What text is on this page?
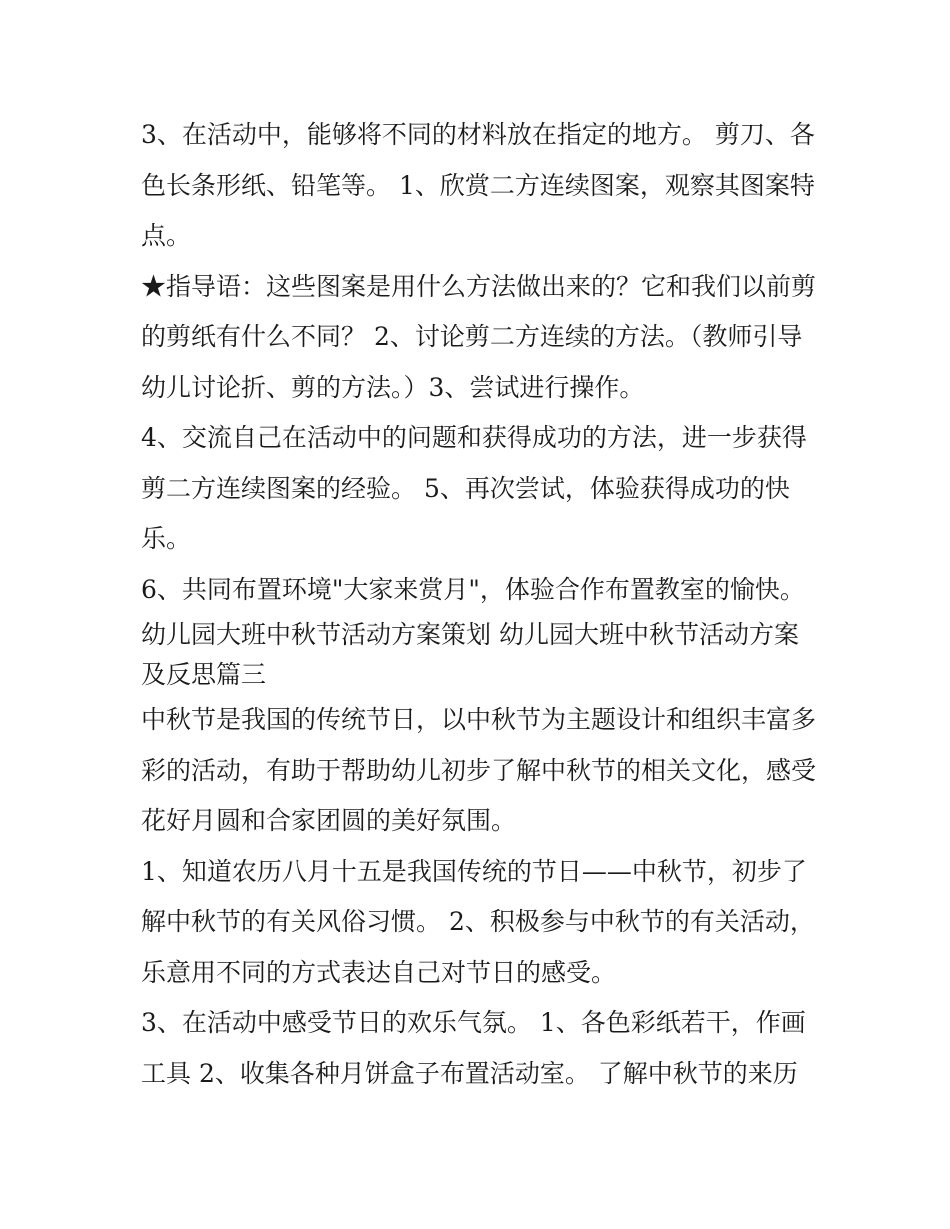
3、在活动中，能够将不同的材料放在指定的地方。 剪刀、各色长条形纸、铅笔等。 1、欣赏二方连续图案，观察其图案特点。

★指导语：这些图案是用什么方法做出来的？它和我们以前剪的剪纸有什么不同？ 2、讨论剪二方连续的方法。（教师引导幼儿讨论折、剪的方法。）3、尝试进行操作。

4、交流自己在活动中的问题和获得成功的方法，进一步获得剪二方连续图案的经验。 5、再次尝试，体验获得成功的快乐。

6、共同布置环境"大家来赏月"，体验合作布置教室的愉快。

幼儿园大班中秋节活动方案策划 幼儿园大班中秋节活动方案及反思篇三

中秋节是我国的传统节日，以中秋节为主题设计和组织丰富多彩的活动，有助于帮助幼儿初步了解中秋节的相关文化，感受花好月圆和合家团圆的美好氛围。

1、知道农历八月十五是我国传统的节日——中秋节，初步了解中秋节的有关风俗习惯。 2、积极参与中秋节的有关活动，乐意用不同的方式表达自己对节日的感受。

3、在活动中感受节日的欢乐气氛。 1、各色彩纸若干，作画工具 2、收集各种月饼盒子布置活动室。 了解中秋节的来历
